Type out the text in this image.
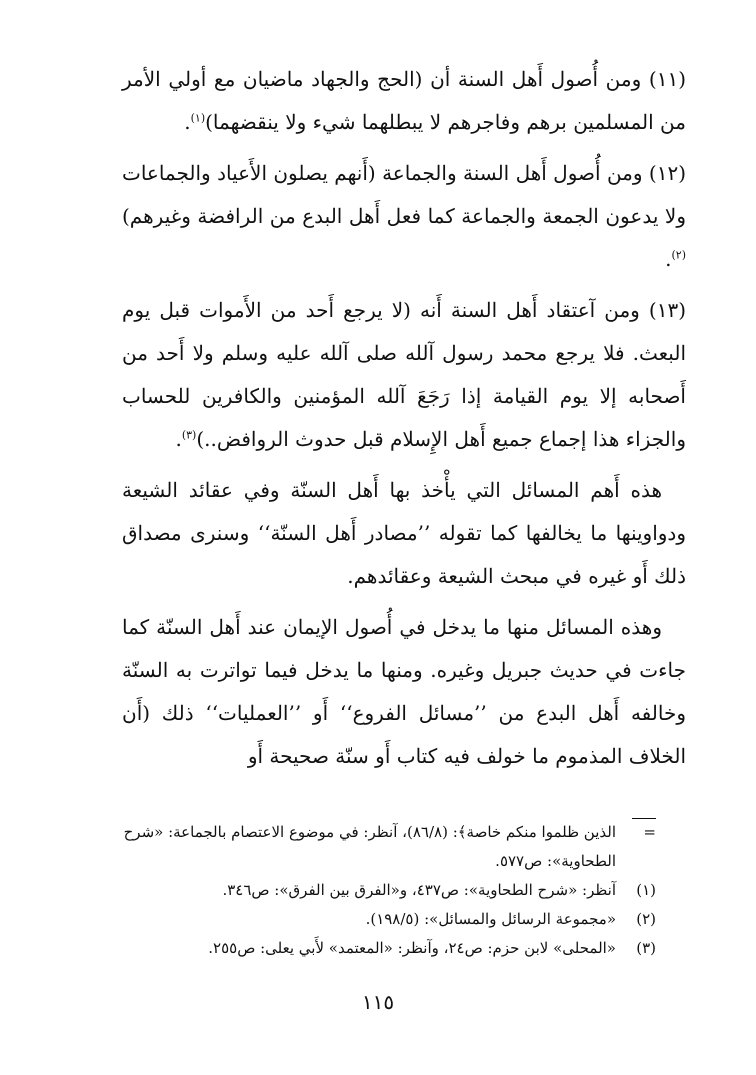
(١١) ومن أُصول أَهل السنة أن (الحج والجهاد ماضيان مع أولي الأمر من المسلمين برهم وفاجرهم لا يبطلهما شيء ولا ينقضهما)$^{(١)}$.

(١٢) ومن أُصول أَهل السنة والجماعة (أَنهم يصلون الأَعياد والجماعات ولا يدعون الجمعة والجماعة كما فعل أَهل البدع من الرافضة وغيرهم)$^{(٢)}$.

(١٣) ومن آعتقاد أَهل السنة أَنه (لا يرجع أَحد من الأَموات قبل يوم البعث. فلا يرجع محمد رسول آلله صلى آلله عليه وسلم ولا أَحد من أَصحابه إلا يوم القيامة إذا رَجَعَ آلله المؤمنين والكافرين للحساب والجزاء هذا إجماع جميع أَهل الإِسلام قبل حدوث الروافض..)$^{(٣)}$.

هذه أَهم المسائل التي يأْخذ بها أَهل السنّة وفي عقائد الشيعة ودواوينها ما يخالفها كما تقوله ’’مصادر أَهل السنّة‘‘ وسنرى مصداق ذلك أَو غيره في مبحث الشيعة وعقائدهم.

وهذه المسائل منها ما يدخل في أُصول الإيمان عند أَهل السنّة كما جاءت في حديث جبريل وغيره. ومنها ما يدخل فيما تواترت به السنّة وخالفه أَهل البدع من ’’مسائل الفروع‘‘ أَو ’’العمليات‘‘ ذلك (أَن الخلاف المذموم ما خولف فيه كتاب أَو سنّة صحيحة أَو

=
الذين ظلموا منكم خاصة﴾: (٨٦/٨)، آنظر: في موضوع الاعتصام بالجماعة: «شرح الطحاوية»: ص٥٧٧.
(١)
آنظر: «شرح الطحاوية»: ص٤٣٧، و«الفرق بين الفرق»: ص٣٤٦.
(٢)
«مجموعة الرسائل والمسائل»: (١٩٨/٥).
(٣)
«المحلى» لابن حزم: ص٢٤، وآنظر: «المعتمد» لأَبي يعلى: ص٢٥٥.
١١٥
